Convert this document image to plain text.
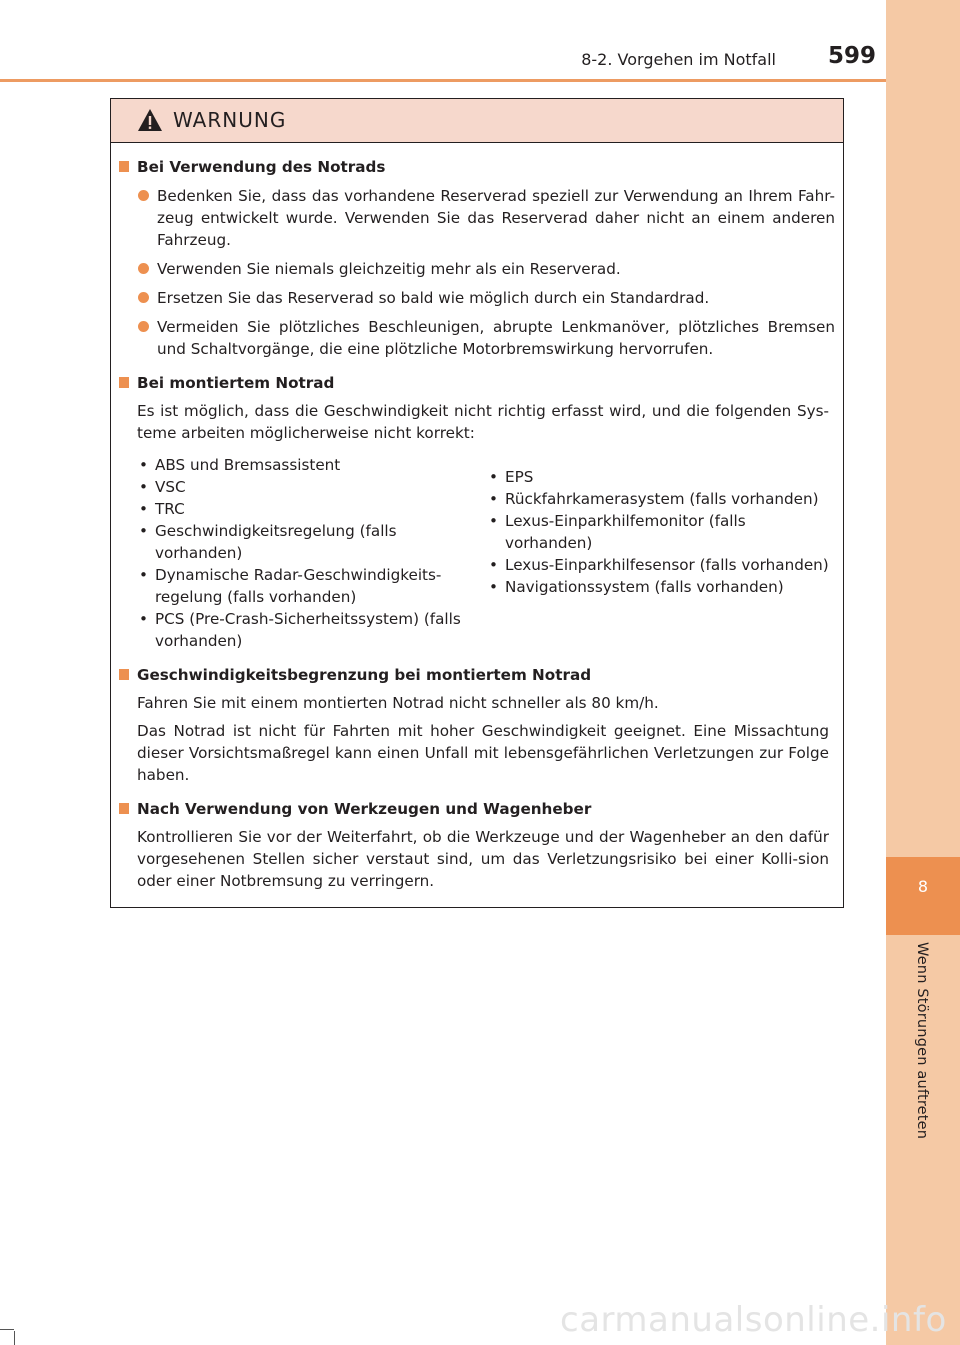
8-2. Vorgehen im Notfall 599
8
Wenn Störungen auftreten
WARNUNG
Bei Verwendung des Notrads
Bedenken Sie, dass das vorhandene Reserverad speziell zur Verwendung an Ihrem Fahr-zeug entwickelt wurde. Verwenden Sie das Reserverad daher nicht an einem anderen Fahrzeug.
Verwenden Sie niemals gleichzeitig mehr als ein Reserverad.
Ersetzen Sie das Reserverad so bald wie möglich durch ein Standardrad.
Vermeiden Sie plötzliches Beschleunigen, abrupte Lenkmanöver, plötzliches Bremsen und Schaltvorgänge, die eine plötzliche Motorbremswirkung hervorrufen.
Bei montiertem Notrad
Es ist möglich, dass die Geschwindigkeit nicht richtig erfasst wird, und die folgenden Sys-teme arbeiten möglicherweise nicht korrekt:
• ABS und Bremsassistent
• VSC
• TRC
• Geschwindigkeitsregelung (falls vorhanden)
• Dynamische Radar-Geschwindigkeits-regelung (falls vorhanden)
• PCS (Pre-Crash-Sicherheitssystem) (falls vorhanden)
• EPS
• Rückfahrkamerasystem (falls vorhanden)
• Lexus-Einparkhilfemonitor (falls vorhanden)
• Lexus-Einparkhilfesensor (falls vorhanden)
• Navigationssystem (falls vorhanden)
Geschwindigkeitsbegrenzung bei montiertem Notrad
Fahren Sie mit einem montierten Notrad nicht schneller als 80 km/h.
Das Notrad ist nicht für Fahrten mit hoher Geschwindigkeit geeignet. Eine Missachtung dieser Vorsichtsmaßregel kann einen Unfall mit lebensgefährlichen Verletzungen zur Folge haben.
Nach Verwendung von Werkzeugen und Wagenheber
Kontrollieren Sie vor der Weiterfahrt, ob die Werkzeuge und der Wagenheber an den dafür vorgesehenen Stellen sicher verstaut sind, um das Verletzungsrisiko bei einer Kolli-sion oder einer Notbremsung zu verringern.
carmanualsonline.info
